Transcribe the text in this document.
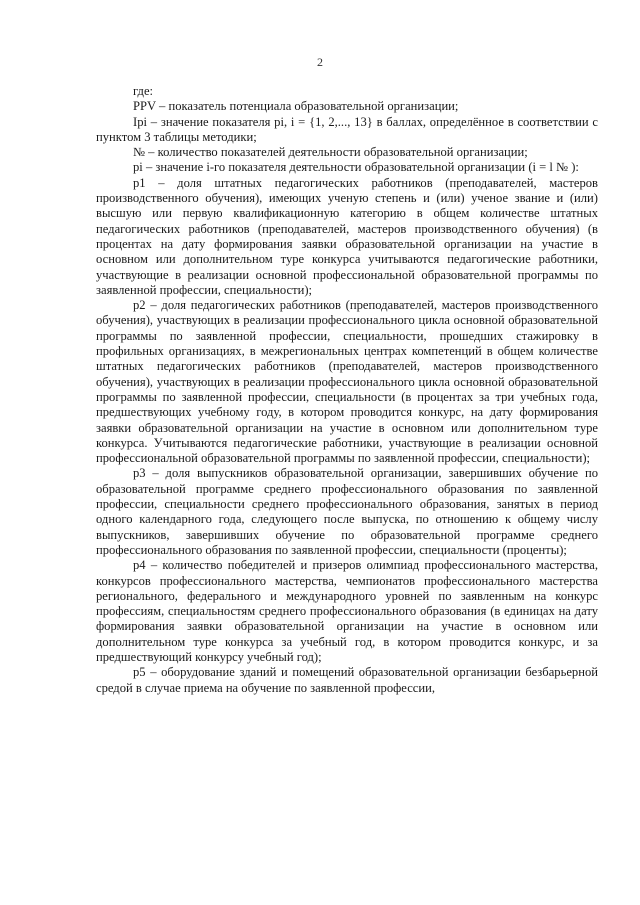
2

где:

PPV – показатель потенциала образовательной организации;

Ipi – значение показателя pi, i = {1, 2,..., 13} в баллах, определённое в соответствии с пунктом 3 таблицы методики;

№ – количество показателей деятельности образовательной организации;

pi – значение i-го показателя деятельности образовательной организации (i = l № ):

p1 – доля штатных педагогических работников (преподавателей, мастеров производственного обучения), имеющих ученую степень и (или) ученое звание и (или) высшую или первую квалификационную категорию в общем количестве штатных педагогических работников (преподавателей, мастеров производственного обучения) (в процентах на дату формирования заявки образовательной организации на участие в основном или дополнительном туре конкурса учитываются педагогические работники, участвующие в реализации основной профессиональной образовательной программы по заявленной профессии, специальности);

p2 – доля педагогических работников (преподавателей, мастеров производственного обучения), участвующих в реализации профессионального цикла основной образовательной программы по заявленной профессии, специальности, прошедших стажировку в профильных организациях, в межрегиональных центрах компетенций в общем количестве штатных педагогических работников (преподавателей, мастеров производственного обучения), участвующих в реализации профессионального цикла основной образовательной программы по заявленной профессии, специальности (в процентах за три учебных года, предшествующих учебному году, в котором проводится конкурс, на дату формирования заявки образовательной организации на участие в основном или дополнительном туре конкурса. Учитываются педагогические работники, участвующие в реализации основной профессиональной образовательной программы по заявленной профессии, специальности);

p3 – доля выпускников образовательной организации, завершивших обучение по образовательной программе среднего профессионального образования по заявленной профессии, специальности среднего профессионального образования, занятых в период одного календарного года, следующего после выпуска, по отношению к общему числу выпускников, завершивших обучение по образовательной программе среднего профессионального образования по заявленной профессии, специальности (проценты);

p4 – количество победителей и призеров олимпиад профессионального мастерства, конкурсов профессионального мастерства, чемпионатов профессионального мастерства регионального, федерального и международного уровней по заявленным на конкурс профессиям, специальностям среднего профессионального образования (в единицах на дату формирования заявки образовательной организации на участие в основном или дополнительном туре конкурса за учебный год, в котором проводится конкурс, и за предшествующий конкурсу учебный год);

p5 – оборудование зданий и помещений образовательной организации безбарьерной средой в случае приема на обучение по заявленной профессии,
